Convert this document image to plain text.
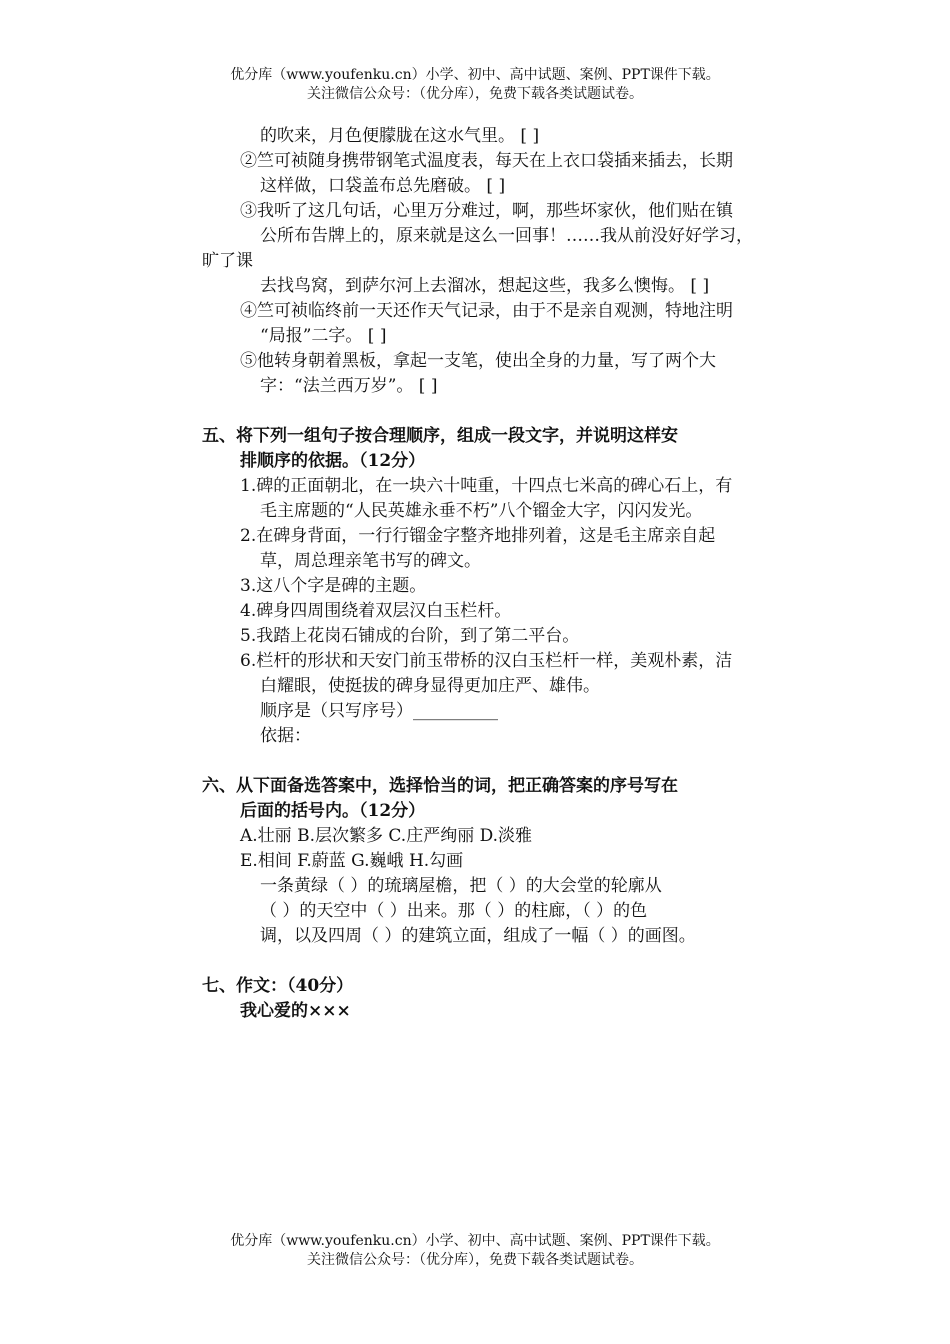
优分库（www.youfenku.cn）小学、初中、高中试题、案例、PPT课件下载。
关注微信公众号：（优分库），免费下载各类试题试卷。
的吹来，月色便朦胧在这水气里。 [ ]
②竺可祯随身携带钢笔式温度表，每天在上衣口袋插来插去，长期
这样做，口袋盖布总先磨破。 [ ]
③我听了这几句话，心里万分难过，啊，那些坏家伙，他们贴在镇
公所布告牌上的，原来就是这么一回事！……我从前没好好学习，
旷了课
去找鸟窝，到萨尔河上去溜冰，想起这些，我多么懊悔。 [ ]
④竺可祯临终前一天还作天气记录，由于不是亲自观测，特地注明
“局报”二字。 [ ]
⑤他转身朝着黑板，拿起一支笔，使出全身的力量，写了两个大
字：“法兰西万岁”。 [ ]
五、将下列一组句子按合理顺序，组成一段文字，并说明这样安
排顺序的依据。（12分）
1.碑的正面朝北，在一块六十吨重，十四点七米高的碑心石上，有
毛主席题的“人民英雄永垂不朽”八个镏金大字，闪闪发光。
2.在碑身背面，一行行镏金字整齐地排列着，这是毛主席亲自起
草，周总理亲笔书写的碑文。
3.这八个字是碑的主题。
4.碑身四周围绕着双层汉白玉栏杆。
5.我踏上花岗石铺成的台阶，到了第二平台。
6.栏杆的形状和天安门前玉带桥的汉白玉栏杆一样，美观朴素，洁
白耀眼，使挺拔的碑身显得更加庄严、雄伟。
顺序是（只写序号）__________
依据：
六、从下面备选答案中，选择恰当的词，把正确答案的序号写在
后面的括号内。（12分）
A.壮丽 B.层次繁多 C.庄严绚丽 D.淡雅
E.相间 F.蔚蓝 G.巍峨 H.勾画
一条黄绿（ ）的琉璃屋檐，把（ ）的大会堂的轮廓从
（ ）的天空中（ ）出来。那（ ）的柱廊，（ ）的色
调，以及四周（ ）的建筑立面，组成了一幅（ ）的画图。
七、作文：（40分）
我心爱的×××
优分库（www.youfenku.cn）小学、初中、高中试题、案例、PPT课件下载。
关注微信公众号：（优分库），免费下载各类试题试卷。
